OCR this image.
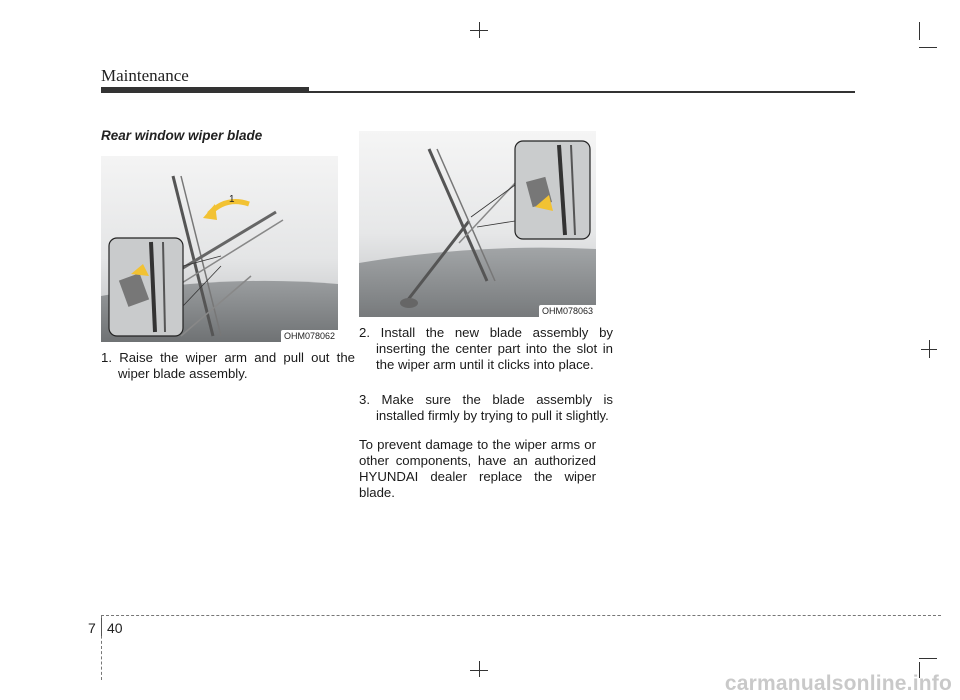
Maintenance
Rear window wiper blade
1
OHM078062
OHM078063
1. Raise the wiper arm and pull out the wiper blade assembly.
2. Install the new blade assembly by inserting the center part into the slot in the wiper arm until it clicks into place.
3. Make sure the blade assembly is installed firmly by trying to pull it slightly.
To prevent damage to the wiper arms or other components, have an authorized HYUNDAI dealer replace the wiper blade.
7 40
carmanualsonline.info
